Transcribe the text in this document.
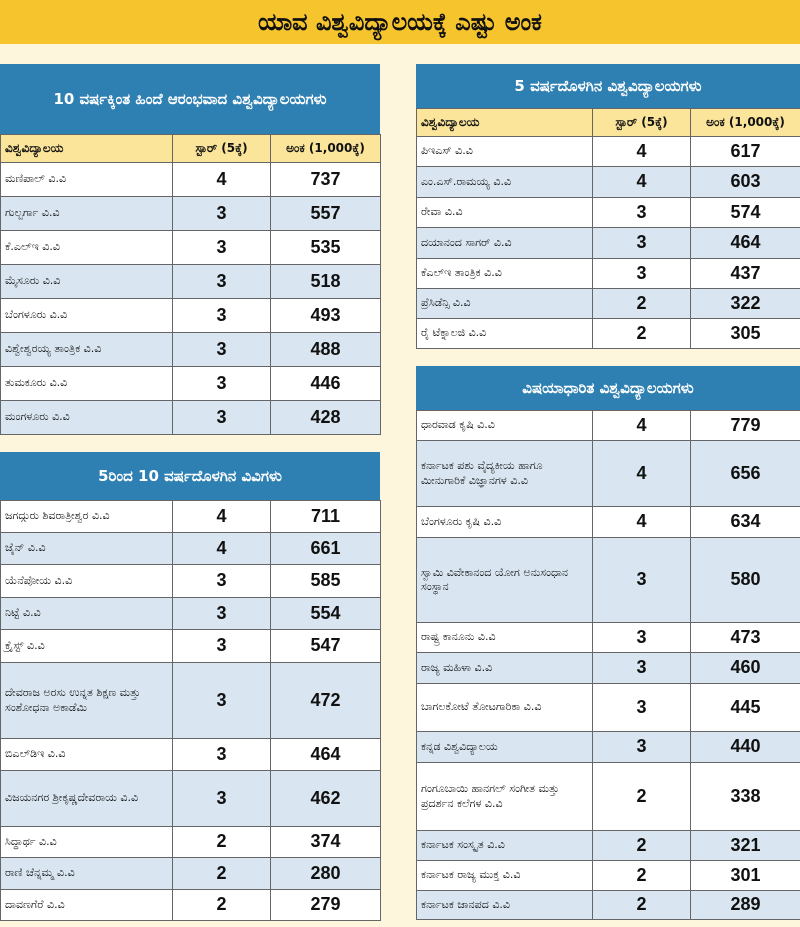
ಯಾವ ವಿಶ್ವವಿದ್ಯಾಲಯಕ್ಕೆ ಎಷ್ಟು ಅಂಕ
10 ವರ್ಷಕ್ಕಿಂತ ಹಿಂದೆ ಆರಂಭವಾದ ವಿಶ್ವವಿದ್ಯಾಲಯಗಳು
ವಿಶ್ವವಿದ್ಯಾಲಯ	ಸ್ಟಾರ್ (5ಕ್ಕೆ)	ಅಂಕ (1,000ಕ್ಕೆ)
ಮಣಿಪಾಲ್ ವಿ.ವಿ	4	737
ಗುಲ್ಬರ್ಗಾ ವಿ.ವಿ	3	557
ಕೆ.ಎಲ್‌ಇ ವಿ.ವಿ	3	535
ಮೈಸೂರು ವಿ.ವಿ	3	518
ಬೆಂಗಳೂರು ವಿ.ವಿ	3	493
ವಿಶ್ವೇಶ್ವರಯ್ಯ ತಾಂತ್ರಿಕ ವಿ.ವಿ	3	488
ತುಮಕೂರು ವಿ.ವಿ	3	446
ಮಂಗಳೂರು ವಿ.ವಿ	3	428
5ರಿಂದ 10 ವರ್ಷದೊಳಗಿನ ವಿವಿಗಳು
ಜಗದ್ಗುರು ಶಿವರಾತ್ರೀಶ್ವರ ವಿ.ವಿ	4	711
ಜೈನ್ ವಿ.ವಿ	4	661
ಯೆನೆಪೋಯ ವಿ.ವಿ	3	585
ನಿಟ್ಟೆ ವಿ.ವಿ	3	554
ಕ್ರೈಸ್ಟ್ ವಿ.ವಿ	3	547
ದೇವರಾಜ ಅರಸು ಉನ್ನತ ಶಿಕ್ಷಣ ಮತ್ತು ಸಂಶೋಧನಾ ಅಕಾಡೆಮಿ	3	472
ಬಿಎಲ್‌ಡಿಇ ವಿ.ವಿ	3	464
ವಿಜಯನಗರ ಶ್ರೀಕೃಷ್ಣದೇವರಾಯ ವಿ.ವಿ	3	462
ಸಿದ್ಧಾರ್ಥ ವಿ.ವಿ	2	374
ರಾಣಿ ಚೆನ್ನಮ್ಮ ವಿ.ವಿ	2	280
ದಾವಣಗೆರೆ ವಿ.ವಿ	2	279
5 ವರ್ಷದೊಳಗಿನ ವಿಶ್ವವಿದ್ಯಾಲಯಗಳು
ವಿಶ್ವವಿದ್ಯಾಲಯ	ಸ್ಟಾರ್ (5ಕ್ಕೆ)	ಅಂಕ (1,000ಕ್ಕೆ)
ಪಿಇಎಸ್ ವಿ.ವಿ	4	617
ಎಂ.ಎಸ್.ರಾಮಯ್ಯ ವಿ.ವಿ	4	603
ರೇವಾ ವಿ.ವಿ	3	574
ದಯಾನಂದ ಸಾಗರ್ ವಿ.ವಿ	3	464
ಕೆಎಲ್‌ಇ ತಾಂತ್ರಿಕ ವಿ.ವಿ	3	437
ಪ್ರೆಸಿಡೆನ್ಸಿ ವಿ.ವಿ	2	322
ರೈ ಟೆಕ್ನಾಲಜಿ ವಿ.ವಿ	2	305
ವಿಷಯಾಧಾರಿತ ವಿಶ್ವವಿದ್ಯಾಲಯಗಳು
ಧಾರವಾಡ ಕೃಷಿ ವಿ.ವಿ	4	779
ಕರ್ನಾಟಕ ಪಶು ವೈದ್ಯಕೀಯ ಹಾಗೂ ಮೀನುಗಾರಿಕೆ ವಿಜ್ಞಾನಗಳ ವಿ.ವಿ	4	656
ಬೆಂಗಳೂರು ಕೃಷಿ ವಿ.ವಿ	4	634
ಸ್ವಾಮಿ ವಿವೇಕಾನಂದ ಯೋಗ ಅನುಸಂಧಾನ ಸಂಸ್ಥಾನ	3	580
ರಾಷ್ಟ್ರ ಕಾನೂನು ವಿ.ವಿ	3	473
ರಾಜ್ಯ ಮಹಿಳಾ ವಿ.ವಿ	3	460
ಬಾಗಲಕೋಟೆ ತೋಟಗಾರಿಕಾ ವಿ.ವಿ	3	445
ಕನ್ನಡ ವಿಶ್ವವಿದ್ಯಾಲಯ	3	440
ಗಂಗೂಬಾಯಿ ಹಾನಗಲ್ ಸಂಗೀತ ಮತ್ತು ಪ್ರದರ್ಶನ ಕಲೆಗಳ ವಿ.ವಿ	2	338
ಕರ್ನಾಟಕ ಸಂಸ್ಕೃತ ವಿ.ವಿ	2	321
ಕರ್ನಾಟಕ ರಾಜ್ಯ ಮುಕ್ತ ವಿ.ವಿ	2	301
ಕರ್ನಾಟಕ ಜಾನಪದ ವಿ.ವಿ	2	289
